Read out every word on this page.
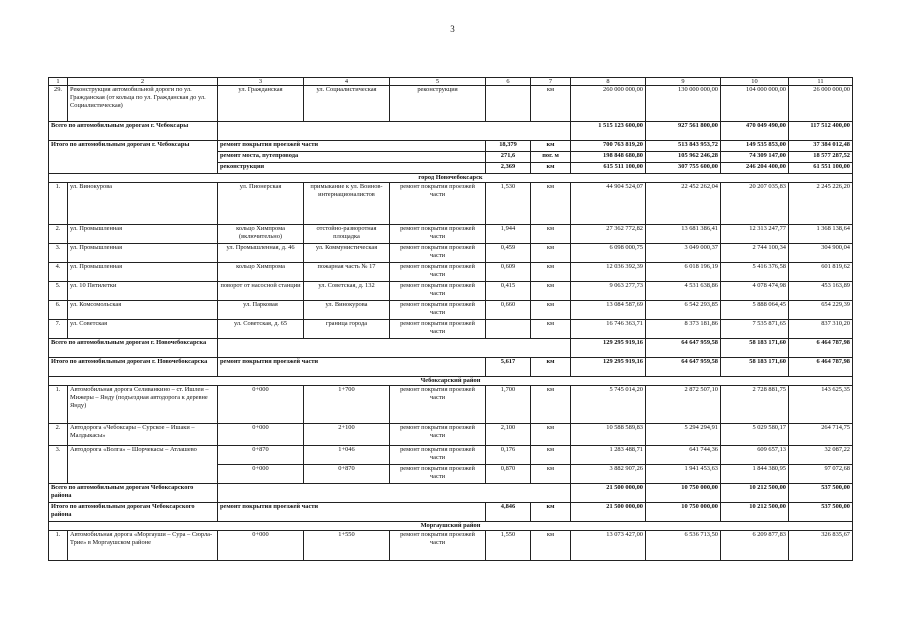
3
1	2	3	4	5	6	7	8	9	10	11
29.	Реконструкция автомобильной дороги по ул. Гражданская (от кольца по ул. Гражданская до ул. Социалистическая)	ул. Гражданская	ул. Социалистическая	реконструкция		км	260 000 000,00	130 000 000,00	104 000 000,00	26 000 000,00
Всего по автомобильным дорогам г. Чебоксары							1 515 123 600,00	927 561 800,00	470 049 490,00	117 512 400,00
Итого по автомобильным дорогам г. Чебоксары		ремонт покрытия проезжей части			18,379	км	700 763 819,20	513 843 953,72	149 535 853,00	37 384 012,48
		ремонт моста, путепровода			271,6	пог. м	198 848 680,80	105 962 246,28	74 309 147,00	18 577 287,52
		реконструкция			2,369	км	615 511 100,00	307 755 600,00	246 204 400,00	61 551 100,00
город Новочебоксарск										
1.	ул. Винокурова	ул. Пионерская	примыкание к ул. Воинов-интернационалистов	ремонт покрытия проезжей части	1,530	км	44 904 524,07	22 452 262,04	20 207 035,83	2 245 226,20
2.	ул. Промышленная	кольцо Химпрома (включительно)	отстойно-разворотная площадка	ремонт покрытия проезжей части	1,944	км	27 362 772,82	13 681 386,41	12 313 247,77	1 368 138,64
3.	ул. Промышленная	ул. Промышленная, д. 46	ул. Коммунистическая	ремонт покрытия проезжей части	0,459	км	6 098 000,75	3 049 000,37	2 744 100,34	304 900,04
4.	ул. Промышленная	кольцо Химпрома	пожарная часть № 17	ремонт покрытия проезжей части	0,609	км	12 036 392,39	6 018 196,19	5 416 376,58	601 819,62
5.	ул. 10 Пятилетки	поворот от насосной станции	ул. Советская, д. 132	ремонт покрытия проезжей части	0,415	км	9 063 277,73	4 531 638,86	4 078 474,98	453 163,89
6.	ул. Комсомольская	ул. Парковая	ул. Винокурова	ремонт покрытия проезжей части	0,660	км	13 084 587,69	6 542 293,85	5 888 064,45	654 229,39
7.	ул. Советская	ул. Советская, д. 65	граница города	ремонт покрытия проезжей части		км	16 746 363,71	8 373 181,86	7 535 871,65	837 310,20
Всего по автомобильным дорогам г. Новочебоксарска							129 295 919,16	64 647 959,58	58 183 171,60	6 464 787,98
Итого по автомобильным дорогам г. Новочебоксарска		ремонт покрытия проезжей части			5,617	км	129 295 919,16	64 647 959,58	58 183 171,60	6 464 787,98
Чебоксарский район										
1.	Автомобильная дорога Селиванкино – ст. Ишлеи – Мижеры – Янду (подъездная автодорога к деревне Янду)	0+000	1+700	ремонт покрытия проезжей части	1,700	км	5 745 014,20	2 872 507,10	2 728 881,75	143 625,35
2.	Автодорога «Чебоксары – Сурское – Ишаки – Малдыкасы»	0+000	2+100	ремонт покрытия проезжей части	2,100	км	10 588 589,83	5 294 294,91	5 029 580,17	264 714,75
3.	Автодорога «Волга» – Шорчекасы – Атлашево	0+870	1+046	ремонт покрытия проезжей части	0,176	км	1 283 488,71	641 744,36	609 657,13	32 087,22
		0+000	0+870	ремонт покрытия проезжей части	0,870	км	3 882 907,26	1 941 453,63	1 844 380,95	97 072,68
Всего по автомобильным дорогам Чебоксарского района							21 500 000,00	10 750 000,00	10 212 500,00	537 500,00
Итого по автомобильным дорогам Чебоксарского района		ремонт покрытия проезжей части			4,846	км	21 500 000,00	10 750 000,00	10 212 500,00	537 500,00
Моргаушский район										
1.	Автомобильная дорога «Моргауши – Сура – Сюрла-Трие» в Моргаушском районе	0+000	1+550	ремонт покрытия проезжей части	1,550	км	13 073 427,00	6 536 713,50	6 209 877,83	326 835,67
